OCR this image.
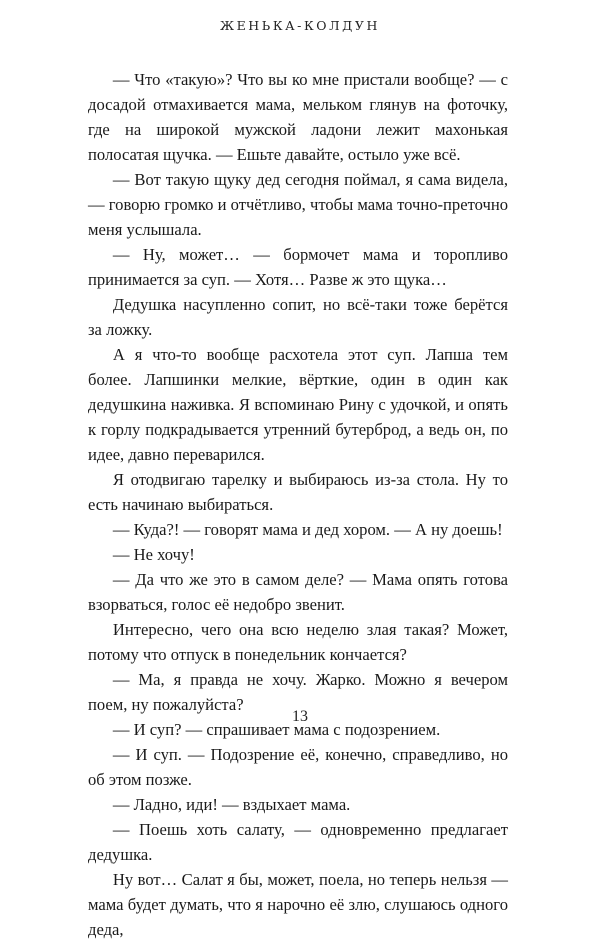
ЖЕНЬКА-КОЛДУН

— Что «такую»? Что вы ко мне пристали вообще? — с досадой отмахивается мама, мельком глянув на фоточку, где на широкой мужской ладони лежит махонькая полосатая щучка. — Ешьте давайте, остыло уже всё.

— Вот такую щуку дед сегодня поймал, я сама видела, — говорю громко и отчётливо, чтобы мама точно-преточно меня услышала.

— Ну, может… — бормочет мама и торопливо принимается за суп. — Хотя… Разве ж это щука…

Дедушка насупленно сопит, но всё-таки тоже берётся за ложку.

А я что-то вообще расхотела этот суп. Лапша тем более. Лапшинки мелкие, вёрткие, один в один как дедушкина наживка. Я вспоминаю Рину с удочкой, и опять к горлу подкрадывается утренний бутерброд, а ведь он, по идее, давно переварился.

Я отодвигаю тарелку и выбираюсь из-за стола. Ну то есть начинаю выбираться.

— Куда?! — говорят мама и дед хором. — А ну доешь!

— Не хочу!

— Да что же это в самом деле? — Мама опять готова взорваться, голос её недобро звенит.

Интересно, чего она всю неделю злая такая? Может, потому что отпуск в понедельник кончается?

— Ма, я правда не хочу. Жарко. Можно я вечером поем, ну пожалуйста?

— И суп? — спрашивает мама с подозрением.

— И суп. — Подозрение её, конечно, справедливо, но об этом позже.

— Ладно, иди! — вздыхает мама.

— Поешь хоть салату, — одновременно предлагает дедушка.

Ну вот… Салат я бы, может, поела, но теперь нельзя — мама будет думать, что я нарочно её злю, слушаюсь одного деда,

13
